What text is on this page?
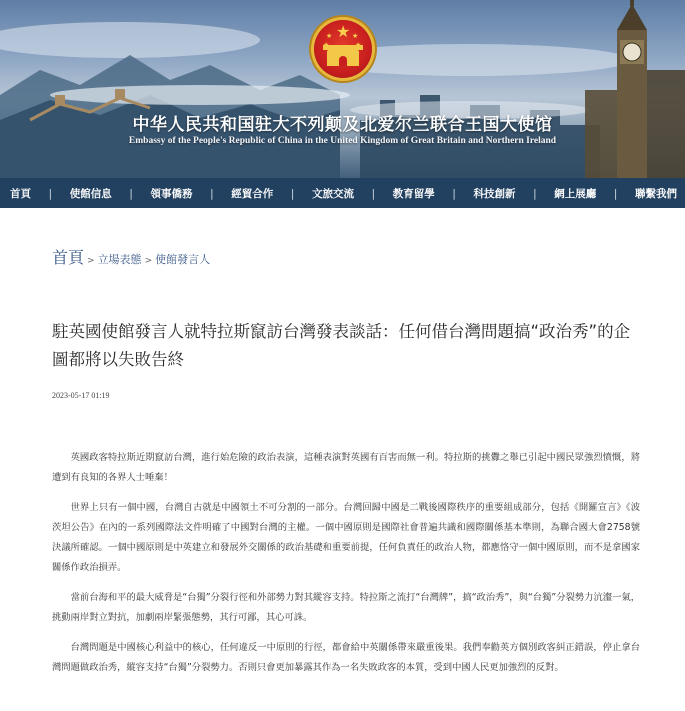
★
★	★
中华人民共和国驻大不列颠及北爱尔兰联合王国大使馆
Embassy of the People's Republic of China in the United Kingdom of Great Britain and Northern Ireland
首頁 | 使館信息 | 領事僑務 | 經貿合作 | 文旅交流 | 教育留學 | 科技創新 | 網上展廳 | 聯繫我們
首頁 > 立場表態 > 使館發言人
駐英國使館發言人就特拉斯竄訪台灣發表談話：任何借台灣問題搞“政治秀”的企圖都將以失敗告終
2023-05-17 01:19

英國政客特拉斯近期竄訪台灣，進行始危險的政治表演，這種表演對英國有百害而無一利。特拉斯的挑釁之舉已引起中國民眾強烈憤慨，將遭到有良知的各界人士唾棄！

世界上只有一個中國，台灣自古就是中國領土不可分割的一部分。台灣回歸中國是二戰後國際秩序的重要組成部分，包括《開羅宣言》《波茨坦公告》在內的一系列國際法文件明確了中國對台灣的主權。一個中國原則是國際社會普遍共識和國際關係基本準則，為聯合國大會2758號決議所確認。一個中國原則是中英建立和發展外交關係的政治基礎和重要前提，任何負責任的政治人物，都應恪守一個中國原則，而不是拿國家關係作政治損弄。

當前台海和平的最大威脅是“台獨”分裂行徑和外部勢力對其縱容支持。特拉斯之流打“台灣牌”，搞“政治秀”，與“台獨”分裂勢力沆瀣一氣，挑動兩岸對立對抗，加劇兩岸緊張態勢，其行可鄙，其心可誅。

台灣問題是中國核心利益中的核心，任何違反一中原則的行徑，都會給中英關係帶來嚴重後果。我們奉勸英方個別政客糾正錯誤，停止拿台灣問題做政治秀，縱容支持“台獨”分裂勢力。否則只會更加暴露其作為一名失敗政客的本質，受到中國人民更加強烈的反對。
